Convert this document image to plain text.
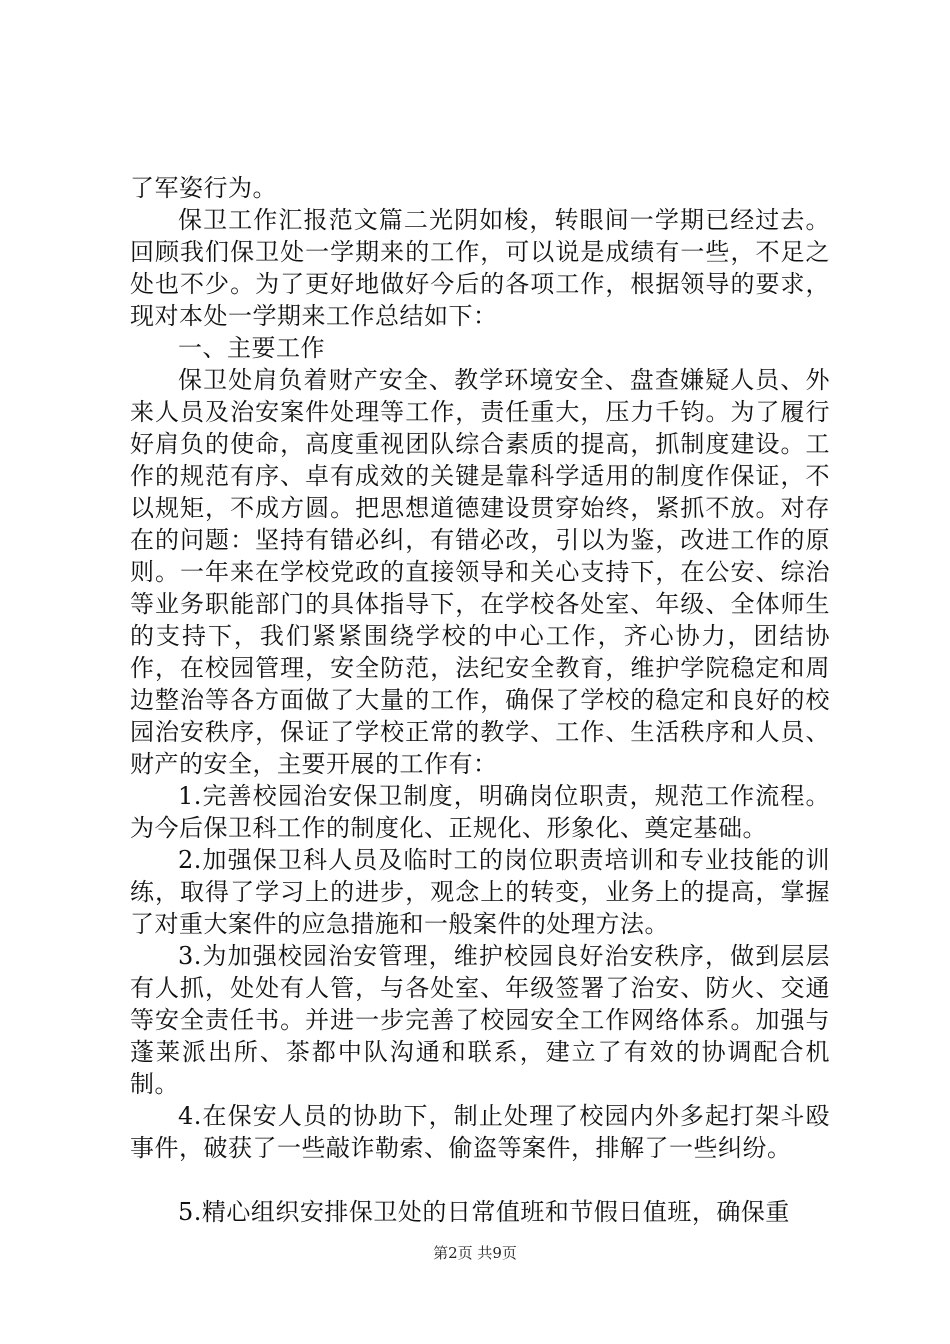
了军姿行为。

保卫工作汇报范文篇二光阴如梭，转眼间一学期已经过去。回顾我们保卫处一学期来的工作，可以说是成绩有一些，不足之处也不少。为了更好地做好今后的各项工作，根据领导的要求，现对本处一学期来工作总结如下：

一、主要工作

保卫处肩负着财产安全、教学环境安全、盘查嫌疑人员、外来人员及治安案件处理等工作，责任重大，压力千钧。为了履行好肩负的使命，高度重视团队综合素质的提高，抓制度建设。工作的规范有序、卓有成效的关键是靠科学适用的制度作保证，不以规矩，不成方圆。把思想道德建设贯穿始终，紧抓不放。对存在的问题：坚持有错必纠，有错必改，引以为鉴，改进工作的原则。一年来在学校党政的直接领导和关心支持下，在公安、综治等业务职能部门的具体指导下，在学校各处室、年级、全体师生的支持下，我们紧紧围绕学校的中心工作，齐心协力，团结协作，在校园管理，安全防范，法纪安全教育，维护学院稳定和周边整治等各方面做了大量的工作，确保了学校的稳定和良好的校园治安秩序，保证了学校正常的教学、工作、生活秩序和人员、财产的安全，主要开展的工作有：

1.完善校园治安保卫制度，明确岗位职责，规范工作流程。为今后保卫科工作的制度化、正规化、形象化、奠定基础。

2.加强保卫科人员及临时工的岗位职责培训和专业技能的训练，取得了学习上的进步，观念上的转变，业务上的提高，掌握了对重大案件的应急措施和一般案件的处理方法。

3.为加强校园治安管理，维护校园良好治安秩序，做到层层有人抓，处处有人管，与各处室、年级签署了治安、防火、交通等安全责任书。并进一步完善了校园安全工作网络体系。加强与蓬莱派出所、茶都中队沟通和联系，建立了有效的协调配合机制。

4.在保安人员的协助下，制止处理了校园内外多起打架斗殴事件，破获了一些敲诈勒索、偷盗等案件，排解了一些纠纷。

5.精心组织安排保卫处的日常值班和节假日值班，确保重

第2页 共9页
